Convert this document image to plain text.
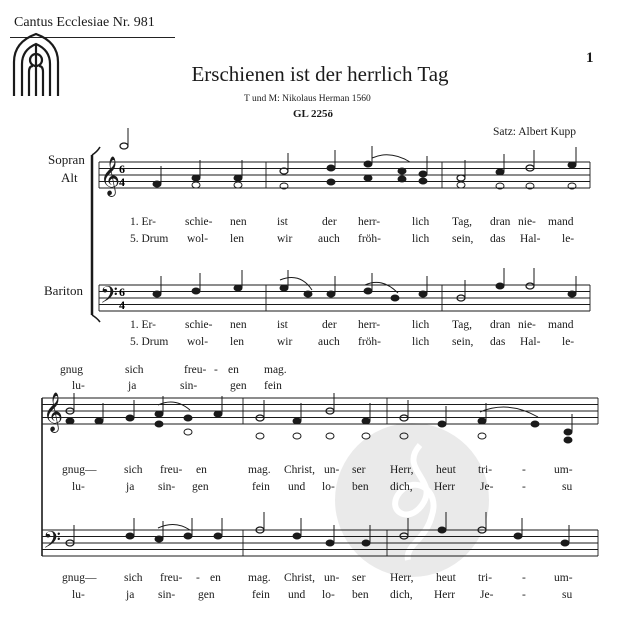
Cantus Ecclesiae Nr. 981
1
Erschienen ist der herrlich Tag
T und M: Nikolaus Herman 1560
GL 225ö
Satz: Albert Kupp
Sopran
Alt
Bariton
𝄞
𝄢
𝄞
𝄢
6
4
6
4
1. Er-	schie- nen	ist	der herr-	lich Tag, dran nie- mand
5. Drum wol- len	wir auch fröh-	lich sein, das Hal- le-
1. Er-	schie- nen	ist	der herr-	lich Tag, dran nie- mand
5. Drum wol- len	wir auch fröh-	lich sein, das Hal- le-
gnug	sich	freu- - en mag.
lu-	ja	sin-	gen fein
gnug— sich freu- en	mag. Christ, un- ser Herr, heut tri-	- um-
lu-	ja sin- gen	fein und lo- ben dich, Herr Je- -	su
gnug— sich freu- - en mag. Christ, un- ser Herr, heut tri-	- um-
lu-	ja sin- gen	fein und lo- ben dich, Herr Je- -	su
